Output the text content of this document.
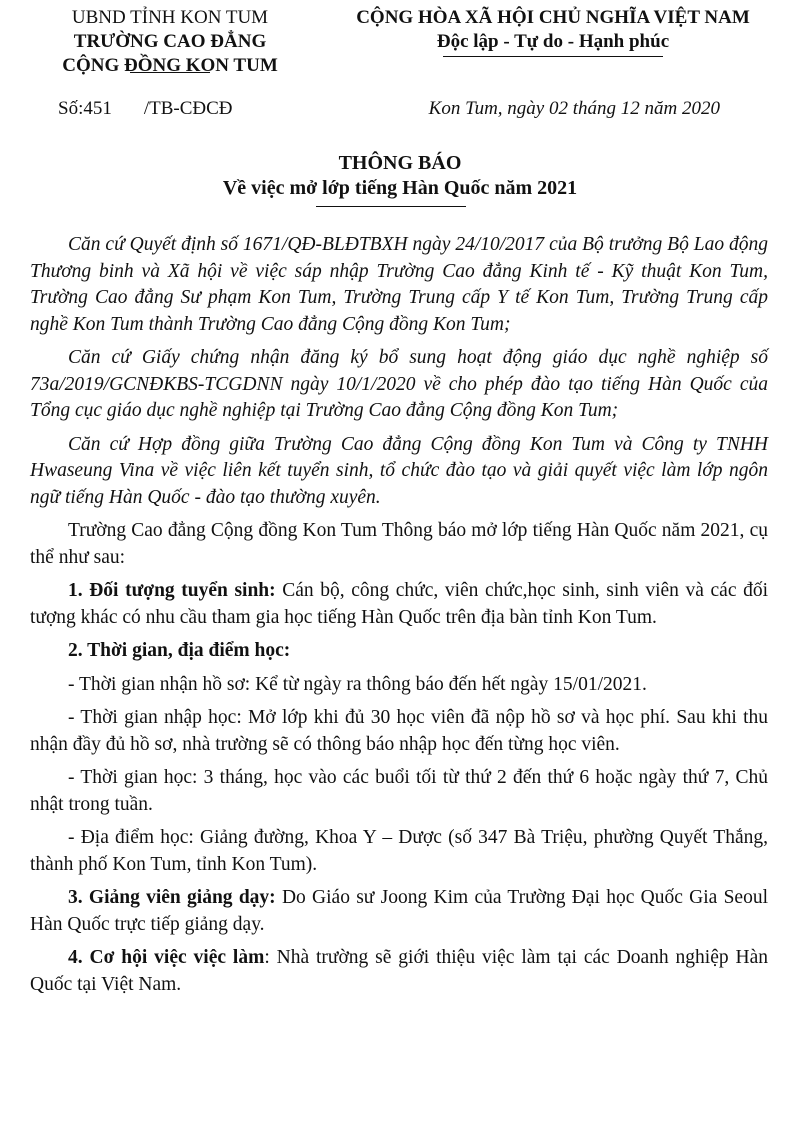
UBND TỈNH KON TUM
TRƯỜNG CAO ĐẲNG
CỘNG ĐỒNG KON TUM
CỘNG HÒA XÃ HỘI CHỦ NGHĨA VIỆT NAM
Độc lập - Tự do - Hạnh phúc
Số:451 /TB-CĐCĐ	Kon Tum, ngày 02 tháng 12 năm 2020
THÔNG BÁO
Về việc mở lớp tiếng Hàn Quốc năm 2021

Căn cứ Quyết định số 1671/QĐ-BLĐTBXH ngày 24/10/2017 của Bộ trưởng Bộ Lao động Thương binh và Xã hội về việc sáp nhập Trường Cao đẳng Kinh tế - Kỹ thuật Kon Tum, Trường Cao đẳng Sư phạm Kon Tum, Trường Trung cấp Y tế Kon Tum, Trường Trung cấp nghề Kon Tum thành Trường Cao đẳng Cộng đồng Kon Tum;

Căn cứ Giấy chứng nhận đăng ký bổ sung hoạt động giáo dục nghề nghiệp số 73a/2019/GCNĐKBS-TCGDNN ngày 10/1/2020 về cho phép đào tạo tiếng Hàn Quốc của Tổng cục giáo dục nghề nghiệp tại Trường Cao đẳng Cộng đồng Kon Tum;

Căn cứ Hợp đồng giữa Trường Cao đẳng Cộng đồng Kon Tum và Công ty TNHH Hwaseung Vina về việc liên kết tuyển sinh, tổ chức đào tạo và giải quyết việc làm lớp ngôn ngữ tiếng Hàn Quốc - đào tạo thường xuyên.

Trường Cao đẳng Cộng đồng Kon Tum Thông báo mở lớp tiếng Hàn Quốc năm 2021, cụ thể như sau:

1. Đối tượng tuyển sinh: Cán bộ, công chức, viên chức,học sinh, sinh viên và các đối tượng khác có nhu cầu tham gia học tiếng Hàn Quốc trên địa bàn tỉnh Kon Tum.

2. Thời gian, địa điểm học:

- Thời gian nhận hồ sơ: Kể từ ngày ra thông báo đến hết ngày 15/01/2021.

- Thời gian nhập học: Mở lớp khi đủ 30 học viên đã nộp hồ sơ và học phí. Sau khi thu nhận đầy đủ hồ sơ, nhà trường sẽ có thông báo nhập học đến từng học viên.

- Thời gian học: 3 tháng, học vào các buổi tối từ thứ 2 đến thứ 6 hoặc ngày thứ 7, Chủ nhật trong tuần.

- Địa điểm học: Giảng đường, Khoa Y – Dược (số 347 Bà Triệu, phường Quyết Thắng, thành phố Kon Tum, tỉnh Kon Tum).

3. Giảng viên giảng dạy: Do Giáo sư Joong Kim của Trường Đại học Quốc Gia Seoul Hàn Quốc trực tiếp giảng dạy.

4. Cơ hội việc việc làm: Nhà trường sẽ giới thiệu việc làm tại các Doanh nghiệp Hàn Quốc tại Việt Nam.
